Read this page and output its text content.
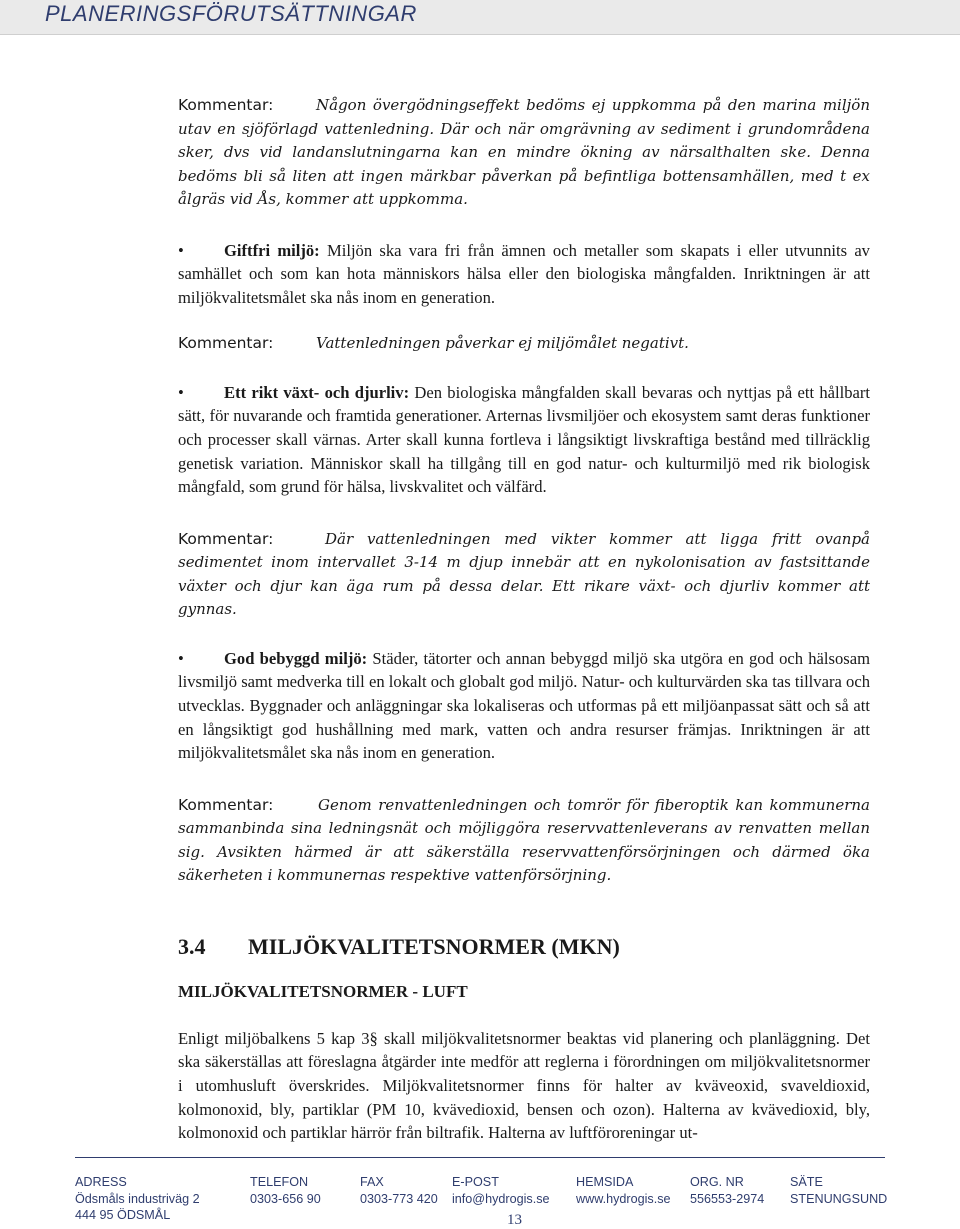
PLANERINGSFÖRUTSÄTTNINGAR

Kommentar:	Någon övergödningseffekt bedöms ej uppkomma på den marina miljön utav en sjöförlagd vattenledning. Där och när omgrävning av sediment i grundområdena sker, dvs vid landanslutningarna kan en mindre ökning av närsalthalten ske. Denna bedöms bli så liten att ingen märkbar påverkan på befintliga bottensamhällen, med t ex ålgräs vid Ås, kommer att uppkomma.

• Giftfri miljö: Miljön ska vara fri från ämnen och metaller som skapats i eller utvunnits av samhället och som kan hota människors hälsa eller den biologiska mångfalden. Inriktningen är att miljökvalitetsmålet ska nås inom en generation.

Kommentar:	Vattenledningen påverkar ej miljömålet negativt.

• Ett rikt växt- och djurliv: Den biologiska mångfalden skall bevaras och nyttjas på ett hållbart sätt, för nuvarande och framtida generationer. Arternas livsmiljöer och ekosystem samt deras funktioner och processer skall värnas. Arter skall kunna fortleva i långsiktigt livskraftiga bestånd med tillräcklig genetisk variation. Människor skall ha tillgång till en god natur- och kulturmiljö med rik biologisk mångfald, som grund för hälsa, livskvalitet och välfärd.

Kommentar:	Där vattenledningen med vikter kommer att ligga fritt ovanpå sedimentet inom intervallet 3-14 m djup innebär att en nykolonisation av fastsittande växter och djur kan äga rum på dessa delar. Ett rikare växt- och djurliv kommer att gynnas.

• God bebyggd miljö: Städer, tätorter och annan bebyggd miljö ska utgöra en god och hälsosam livsmiljö samt medverka till en lokalt och globalt god miljö. Natur- och kulturvärden ska tas tillvara och utvecklas. Byggnader och anläggningar ska lokaliseras och utformas på ett miljöanpassat sätt och så att en långsiktigt god hushållning med mark, vatten och andra resurser främjas. Inriktningen är att miljökvalitetsmålet ska nås inom en generation.

Kommentar:	Genom renvattenledningen och tomrör för fiberoptik kan kommunerna sammanbinda sina ledningsnät och möjliggöra reservvattenleverans av renvatten mellan sig. Avsikten härmed är att säkerställa reservvattenförsörjningen och därmed öka säkerheten i kommunernas respektive vattenförsörjning.

3.4 MILJÖKVALITETSNORMER (MKN)
MILJÖKVALITETSNORMER - LUFT

Enligt miljöbalkens 5 kap 3§ skall miljökvalitetsnormer beaktas vid planering och planläggning. Det ska säkerställas att föreslagna åtgärder inte medför att reglerna i förordningen om miljökvalitetsnormer i utomhusluft överskrides. Miljökvalitetsnormer finns för halter av kväveoxid, svaveldioxid, kolmonoxid, bly, partiklar (PM 10, kvävedioxid, bensen och ozon). Halterna av kvävedioxid, bly, kolmonoxid och partiklar härrör från biltrafik. Halterna av luftföroreningar ut-

ADRESS
Ödsmåls industriväg 2
444 95 ÖDSMÅL
TELEFON
0303-656 90
FAX
0303-773 420
E-POST
info@hydrogis.se
HEMSIDA
www.hydrogis.se
ORG. NR
556553-2974
SÄTE
STENUNGSUND
13
